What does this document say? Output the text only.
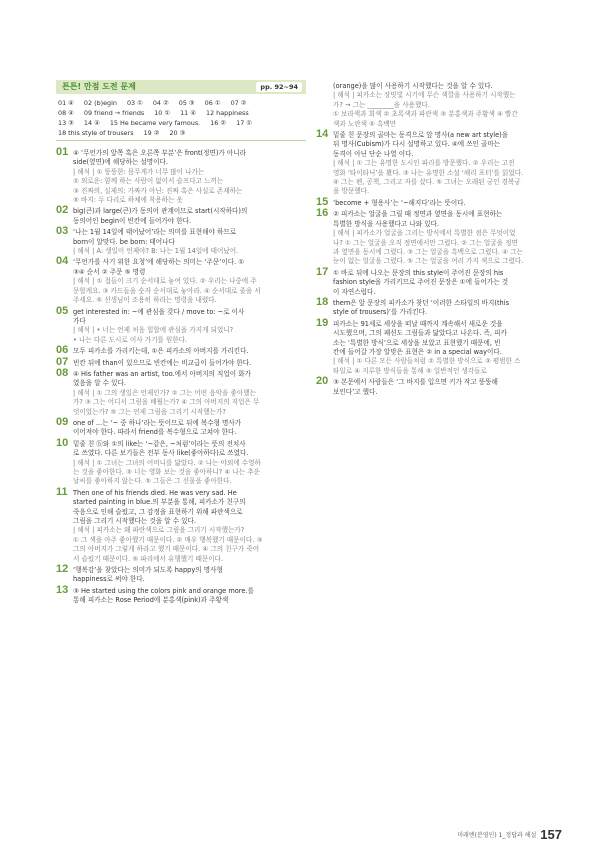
튼튼! 만점 도전 문제	pp. 92~94
01 ④ 02 (b)egin 03 ① 04 ② 05 ③ 06 ① 07 ②
08 ④ 09 friend → friends 10 ① 11 ④ 12 happiness
13 ③ 14 ④ 15 He became very famous. 16 ② 17 ①
18 this style of trousers 19 ② 20 ③
01 ④ ‘무언가의 앞쪽 혹은 오른쪽 부분’은 front(정면)가 아니라

side(옆면)에 해당하는 설명이다.

| 해석 | ① 뚱뚱한: 몸무게가 너무 많이 나가는

② 외로운: 함께 하는 사람이 없어서 슬프다고 느끼는

③ 진짜의, 실제의: 가짜가 아닌: 진짜 혹은 사실로 존재하는

⑤ 바지: 두 다리로 하체에 착용하는 옷

02 big(큰)과 large(큰)가 동의어 관계이므로 start(시작하다)의

동의어인 begin이 빈칸에 들어가야 한다.

03 ‘나는 1월 14일에 태어났어’라는 의미를 표현해야 하므로

born이 알맞다. be born: 태어나다

| 해석 | A: 생일이 언제야? B: 나는 1월 14일에 태어났어.

04 ‘무언가를 사기 위한 요청’에 해당하는 의미는 ‘주문’이다. ①

③④ 순서 ② 주문 ⑤ 명령

| 해석 | ① 접들이 크기 순서대로 놓여 있다. ② 우리는 나중에 주

문할게요. ③ 카드들을 숫자 순서대로 놓아라. ④ 순서대로 줄을 서

주세요. ⑤ 선생님이 조용히 하라는 명령을 내렸다.

05 get interested in: ~에 관심을 갖다 / move to: ~로 이사

가다

| 해석 | • 너는 언제 처음 힙합에 관심을 가지게 되었니?

• 나는 다른 도시로 이사 가기를 원한다.

06 모두 피카소를 가리키는데, ①은 피카소의 아버지를 가리킨다.

07 빈칸 뒤에 than이 있으므로 빈칸에는 비교급이 들어가야 한다.

08 ④ His father was an artist, too.에서 아버지의 직업이 화가

였음을 알 수 있다.

| 해석 | ① 그의 생일은 언제인가? ② 그는 어떤 음악을 좋아했는

가? ③ 그는 어디서 그림을 배웠는가? ④ 그의 아버지의 직업은 무

엇이었는가? ⑤ 그는 언제 그림을 그리기 시작했는가?

09 one of ...는 ‘~ 중 하나’라는 뜻이므로 뒤에 복수형 명사가

이어져야 한다. 따라서 friend를 복수형으로 고쳐야 한다.

10 밑줄 친 ⓑ와 ①의 like는 ‘~같은, ~처럼’이라는 뜻의 전치사

로 쓰였다. 다른 보기들은 전부 동사 like(좋아하다)로 쓰였다.

| 해석 | ① 그녀는 그녀의 어머니를 닮았다. ② 나는 야외에 수영하

는 것을 좋아한다. ③ 너는 영화 보는 것을 좋아하니? ④ 나는 추운

날씨를 좋아하지 않는다. ⑤ 그들은 그 선물을 좋아한다.

11 Then one of his friends died. He was very sad. He

started painting in blue.의 부분을 통해, 피카소가 친구의

죽음으로 인해 슬펐고, 그 감정을 표현하기 위해 파란색으로

그림을 그리기 시작했다는 것을 알 수 있다.

| 해석 | 피카소는 왜 파란색으로 그림을 그리기 시작했는가?

① 그 색을 아주 좋아했기 때문이다. ② 매우 행복했기 때문이다. ③

그의 아버지가 그렇게 하라고 했기 때문이다. ④ 그의 친구가 죽어

서 슬펐기 때문이다. ⑤ 파리에서 유행했기 때문이다.

12 ‘행복감’을 찾았다는 의미가 되도록 happy의 명사형

happiness로 써야 한다.

13 ③ He started using the colors pink and orange more.를

통해 피카소는 Rose Period에 분홍색(pink)과 주황색

(orange)을 많이 사용하기 시작했다는 것을 알 수 있다.

| 해석 | 피카소는 장밋빛 시기에 무슨 색깔을 사용하기 시작했는

가? → 그는 ________을 사용했다.

① 보라색과 회색 ② 초록색과 파란색 ③ 분홍색과 주황색 ④ 빨간

색과 노란색 ⑤ 흑백만

14 밑줄 친 문장의 골마는 동격으로 앞 명사(a new art style)을

뒤 명사(Cubism)가 다시 설명하고 있다. ④에 쓰인 골마는

동격이 아닌 단순 나열 이다.

| 해석 | ① 그는 유명한 도시인 파리를 방문했다. ② 우리는 고전

영화 ‘타이타닉’을 봤다. ③ 나는 유명한 소설 ‘해리 포터’를 읽었다.

④ 그는 펜, 공책, 그리고 자를 샀다. ⑤ 그녀는 오래된 궁인 경복궁

을 방문했다.

15 ‘become + 형용사’는 ‘~해지다’라는 뜻이다.

16 ② 피카소는 얼굴을 그릴 때 정면과 옆면을 동시에 표현하는

특별한 방식을 사용했다고 나와 있다.

| 해석 | 피카소가 얼굴을 그리는 방식에서 특별한 점은 무엇이었

나? ① 그는 얼굴을 오직 정면에서만 그렸다. ② 그는 얼굴을 정면

과 옆면을 동시에 그렸다. ③ 그는 얼굴을 흑백으로 그렸다. ④ 그는

눈이 없는 얼굴을 그렸다. ⑤ 그는 얼굴을 여러 가지 색으로 그렸다.

17 ① 바로 뒤에 나오는 문장의 this style이 주어진 문장의 his

fashion style을 가리키므로 주어진 문장은 ①에 들어가는 것

이 자연스럽다.

18 them은 앞 문장의 피카소가 찾던 ‘이러한 스타일의 바지(this

style of trousers)’를 가리킨다.

19 피카소는 91세로 세상을 떠날 때까지 계속해서 새로운 것을

시도했으며, 그의 패션도 그림들과 닮았다고 나온다. 즉, 피카

소는 ‘특별한 방식’으로 세상을 보았고 표현했기 때문에, 빈

칸에 들어갈 가장 알맞은 표현은 ② in a special way이다.

| 해석 | ① 다른 모든 사람들처럼 ② 특별한 방식으로 ③ 평범한 스

타일로 ④ 지루한 방식들을 통해 ⑤ 일반적인 생각들로

20 ③ 본문에서 사람들은 ‘그 바지를 입으면 키가 작고 뚱뚱해

보인다’고 했다.

미래엔(분영인) 1_정답과 해설 157
